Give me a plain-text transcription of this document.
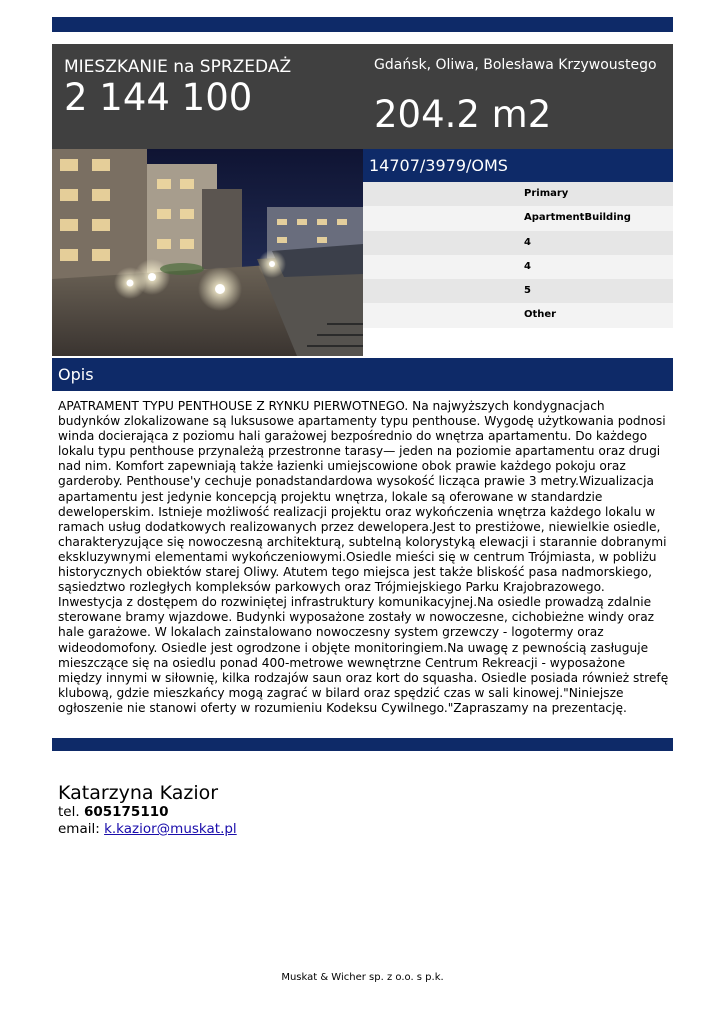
MIESZKANIE na SPRZEDAŻ
2 144 100
Gdańsk, Oliwa, Bolesława Krzywoustego
204.2 m2
14707/3979/OMS
Primary
ApartmentBuilding
4
4
5
Other
Opis
APATRAMENT TYPU PENTHOUSE Z RYNKU PIERWOTNEGO. Na najwyższych kondygnacjach budynków zlokalizowane są luksusowe apartamenty typu penthouse. Wygodę użytkowania podnosi winda docierająca z poziomu hali garażowej bezpośrednio do wnętrza apartamentu. Do każdego lokalu typu penthouse przynależą przestronne tarasy— jeden na poziomie apartamentu oraz drugi nad nim. Komfort zapewniają także łazienki umiejscowione obok prawie każdego pokoju oraz garderoby. Penthouse'y cechuje ponadstandardowa wysokość licząca prawie 3 metry.Wizualizacja apartamentu jest jedynie koncepcją projektu wnętrza, lokale są oferowane w standardzie deweloperskim. Istnieje możliwość realizacji projektu oraz wykończenia wnętrza każdego lokalu w ramach usług dodatkowych realizowanych przez dewelopera.Jest to prestiżowe, niewielkie osiedle, charakteryzujące się nowoczesną architekturą, subtelną kolorystyką elewacji i starannie dobranymi ekskluzywnymi elementami wykończeniowymi.Osiedle mieści się w centrum Trójmiasta, w pobliżu historycznych obiektów starej Oliwy. Atutem tego miejsca jest także bliskość pasa nadmorskiego, sąsiedztwo rozległych kompleksów parkowych oraz Trójmiejskiego Parku Krajobrazowego. Inwestycja z dostępem do rozwiniętej infrastruktury komunikacyjnej.Na osiedle prowadzą zdalnie sterowane bramy wjazdowe. Budynki wyposażone zostały w nowoczesne, cichobieżne windy oraz hale garażowe. W lokalach zainstalowano nowoczesny system grzewczy - logotermy oraz wideodomofony. Osiedle jest ogrodzone i objęte monitoringiem.Na uwagę z pewnością zasługuje mieszczące się na osiedlu ponad 400-metrowe wewnętrzne Centrum Rekreacji - wyposażone między innymi w siłownię, kilka rodzajów saun oraz kort do squasha. Osiedle posiada również strefę klubową, gdzie mieszkańcy mogą zagrać w bilard oraz spędzić czas w sali kinowej."Niniejsze ogłoszenie nie stanowi oferty w rozumieniu Kodeksu Cywilnego."Zapraszamy na prezentację.
Katarzyna Kazior
tel. 605175110
email: k.kazior@muskat.pl
Muskat & Wicher sp. z o.o. s p.k.
